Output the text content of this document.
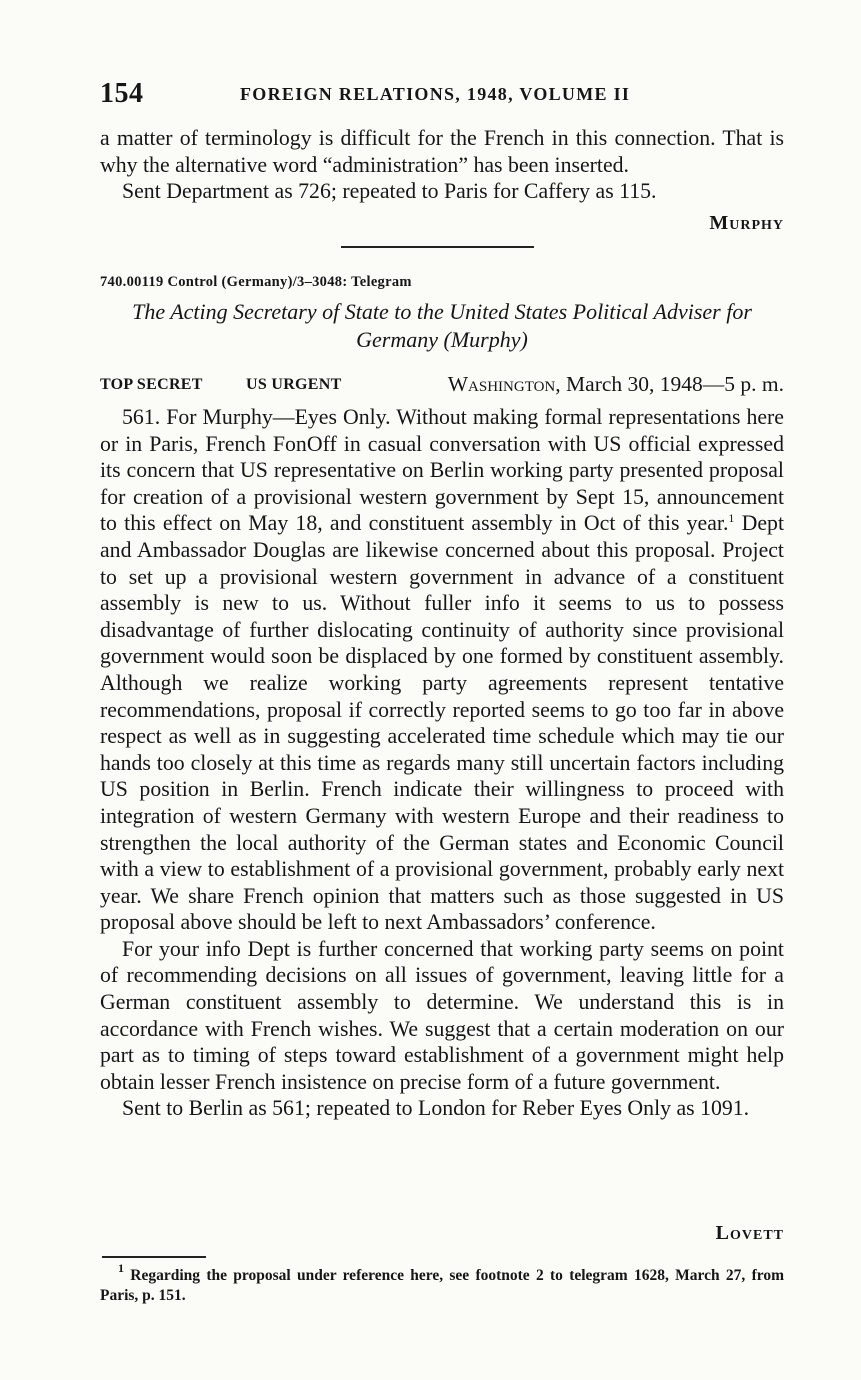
154	FOREIGN RELATIONS, 1948, VOLUME II

a matter of terminology is difficult for the French in this connection. That is why the alternative word “administration” has been inserted.

Sent Department as 726; repeated to Paris for Caffery as 115.

Murphy
740.00119 Control (Germany)/3–3048: Telegram
The Acting Secretary of State to the United States Political Adviser for Germany (Murphy)
TOP SECRET	US URGENT	Washington, March 30, 1948—5 p. m.

561. For Murphy—Eyes Only. Without making formal representations here or in Paris, French FonOff in casual conversation with US official expressed its concern that US representative on Berlin working party presented proposal for creation of a provisional western government by Sept 15, announcement to this effect on May 18, and constituent assembly in Oct of this year.$^1$ Dept and Ambassador Douglas are likewise concerned about this proposal. Project to set up a provisional western government in advance of a constituent assembly is new to us. Without fuller info it seems to us to possess disadvantage of further dislocating continuity of authority since provisional government would soon be displaced by one formed by constituent assembly. Although we realize working party agreements represent tentative recommendations, proposal if correctly reported seems to go too far in above respect as well as in suggesting accelerated time schedule which may tie our hands too closely at this time as regards many still uncertain factors including US position in Berlin. French indicate their willingness to proceed with integration of western Germany with western Europe and their readiness to strengthen the local authority of the German states and Economic Council with a view to establishment of a provisional government, probably early next year. We share French opinion that matters such as those suggested in US proposal above should be left to next Ambassadors’ conference.

For your info Dept is further concerned that working party seems on point of recommending decisions on all issues of government, leaving little for a German constituent assembly to determine. We understand this is in accordance with French wishes. We suggest that a certain moderation on our part as to timing of steps toward establishment of a government might help obtain lesser French insistence on precise form of a future government.

Sent to Berlin as 561; repeated to London for Reber Eyes Only as 1091.

Lovett

$^1$ Regarding the proposal under reference here, see footnote 2 to telegram 1628, March 27, from Paris, p. 151.
